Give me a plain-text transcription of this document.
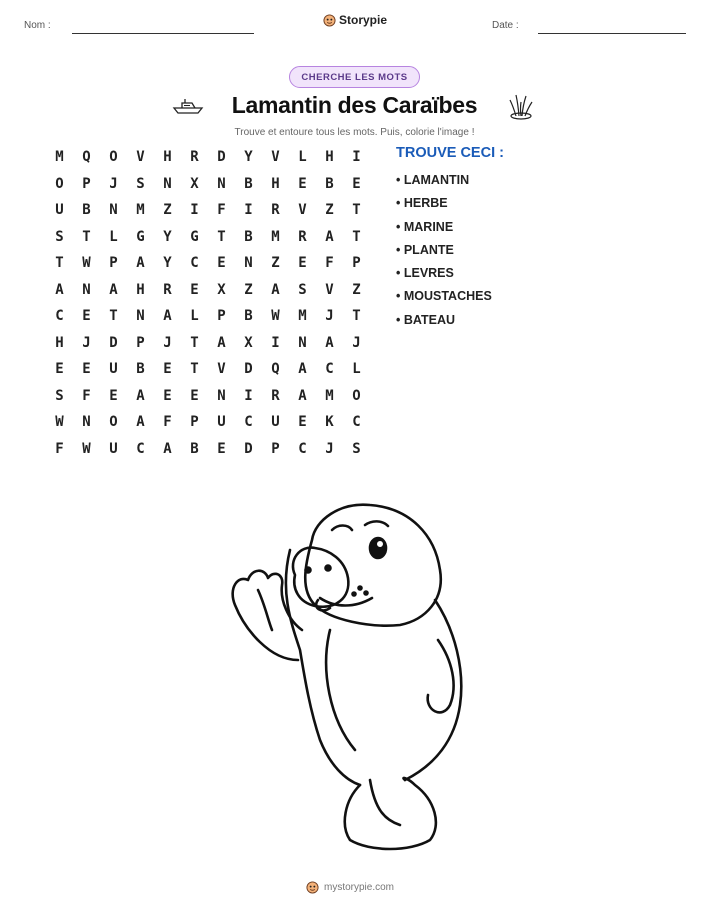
Nom :	Storypie	Date :
CHERCHE LES MOTS
Lamantin des Caraïbes
Trouve et entoure tous les mots. Puis, colorie l'image !
M	Q	O	V	H	R	D	Y	V	L	H	I
O	P	J	S	N	X	N	B	H	E	B	E
U	B	N	M	Z	I	F	I	R	V	Z	T
S	T	L	G	Y	G	T	B	M	R	A	T
T	W	P	A	Y	C	E	N	Z	E	F	P
A	N	A	H	R	E	X	Z	A	S	V	Z
C	E	T	N	A	L	P	B	W	M	J	T
H	J	D	P	J	T	A	X	I	N	A	J
E	E	U	B	E	T	V	D	Q	A	C	L
S	F	E	A	E	E	N	I	R	A	M	O
W	N	O	A	F	P	U	C	U	E	K	C
F	W	U	C	A	B	E	D	P	C	J	S
TROUVE CECI :
• LAMANTIN
• HERBE
• MARINE
• PLANTE
• LEVRES
• MOUSTACHES
• BATEAU
mystorypie.com
